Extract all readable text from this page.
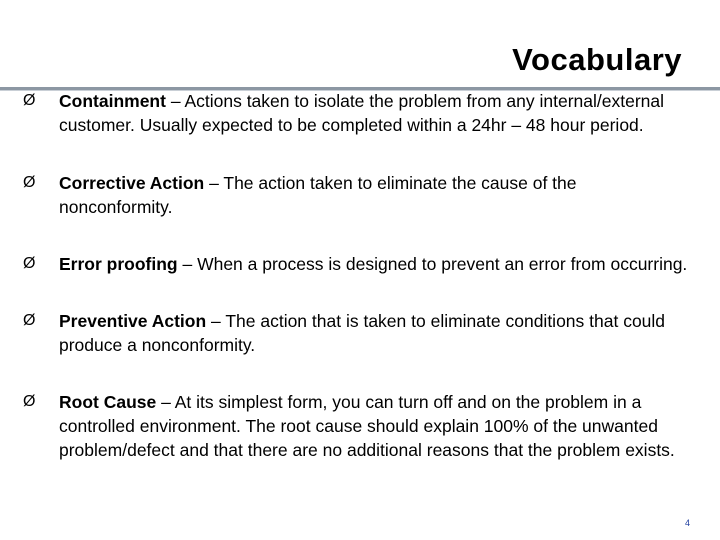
Vocabulary
Ø	Containment – Actions taken to isolate the problem from any internal/external customer. Usually expected to be completed within a 24hr – 48 hour period.
Ø	Corrective Action – The action taken to eliminate the cause of the nonconformity.
Ø	Error proofing – When a process is designed to prevent an error from occurring.
Ø	Preventive Action – The action that is taken to eliminate conditions that could produce a nonconformity.
Ø	Root Cause – At its simplest form, you can turn off and on the problem in a controlled environment. The root cause should explain 100% of the unwanted problem/defect and that there are no additional reasons that the problem exists.
4
